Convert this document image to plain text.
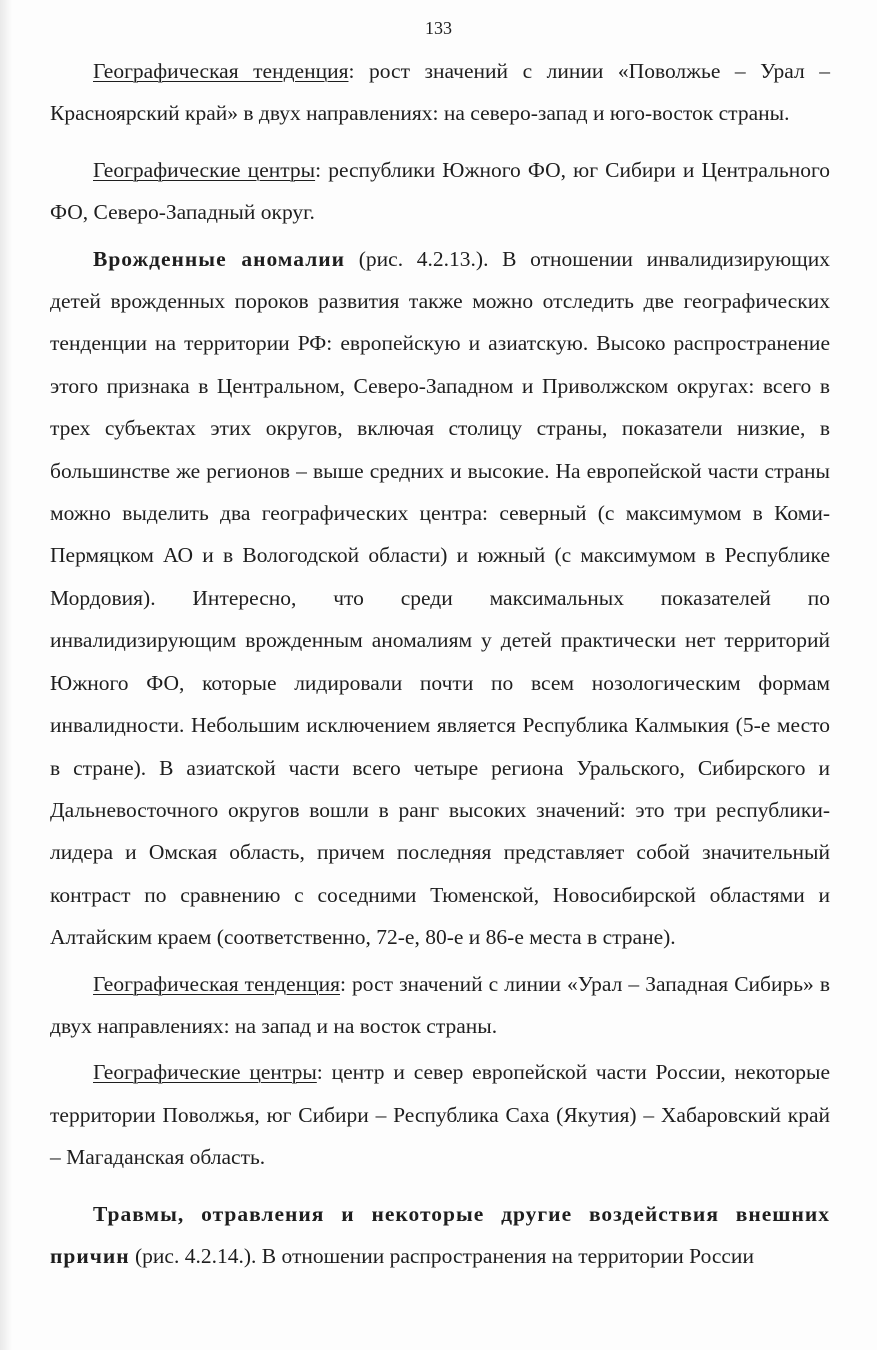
133

Географическая тенденция: рост значений с линии «Поволжье – Урал – Красноярский край» в двух направлениях: на северо-запад и юго-восток страны.

Географические центры: республики Южного ФО, юг Сибири и Центрального ФО, Северо-Западный округ.

Врожденные аномалии (рис. 4.2.13.). В отношении инвалидизирующих детей врожденных пороков развития также можно отследить две географических тенденции на территории РФ: европейскую и азиатскую. Высоко распространение этого признака в Центральном, Северо-Западном и Приволжском округах: всего в трех субъектах этих округов, включая столицу страны, показатели низкие, в большинстве же регионов – выше средних и высокие. На европейской части страны можно выделить два географических центра: северный (с максимумом в Коми-Пермяцком АО и в Вологодской области) и южный (с максимумом в Республике Мордовия). Интересно, что среди максимальных показателей по инвалидизирующим врожденным аномалиям у детей практически нет территорий Южного ФО, которые лидировали почти по всем нозологическим формам инвалидности. Небольшим исключением является Республика Калмыкия (5-е место в стране). В азиатской части всего четыре региона Уральского, Сибирского и Дальневосточного округов вошли в ранг высоких значений: это три республики-лидера и Омская область, причем последняя представляет собой значительный контраст по сравнению с соседними Тюменской, Новосибирской областями и Алтайским краем (соответственно, 72-е, 80-е и 86-е места в стране).

Географическая тенденция: рост значений с линии «Урал – Западная Сибирь» в двух направлениях: на запад и на восток страны.

Географические центры: центр и север европейской части России, некоторые территории Поволжья, юг Сибири – Республика Саха (Якутия) – Хабаровский край – Магаданская область.

Травмы, отравления и некоторые другие воздействия внешних причин (рис. 4.2.14.). В отношении распространения на территории России
